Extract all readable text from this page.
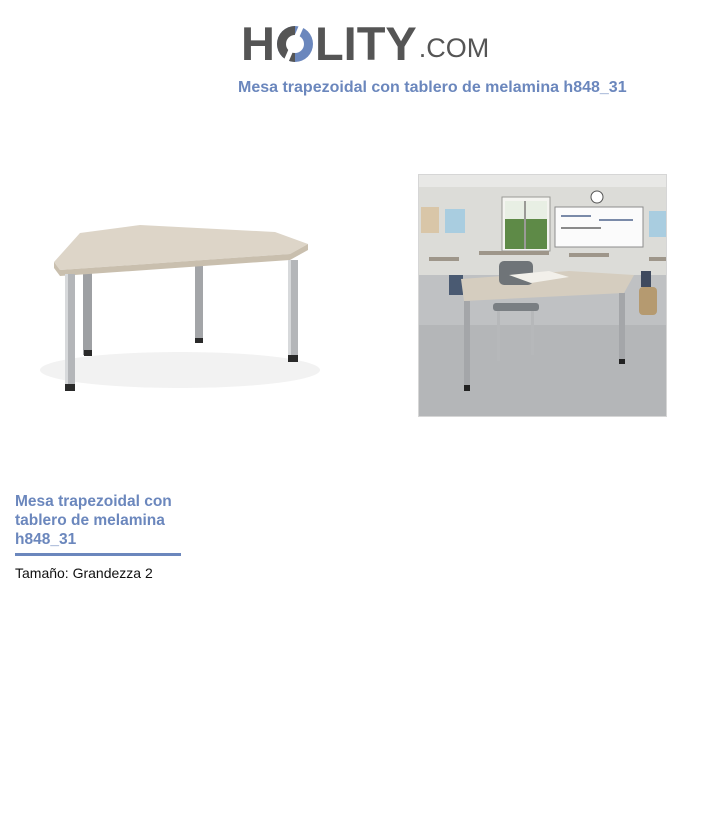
H LITY .COM
Mesa trapezoidal con tablero de melamina h848_31
Mesa trapezoidal con tablero de melamina h848_31
Tamaño: Grandezza 2
